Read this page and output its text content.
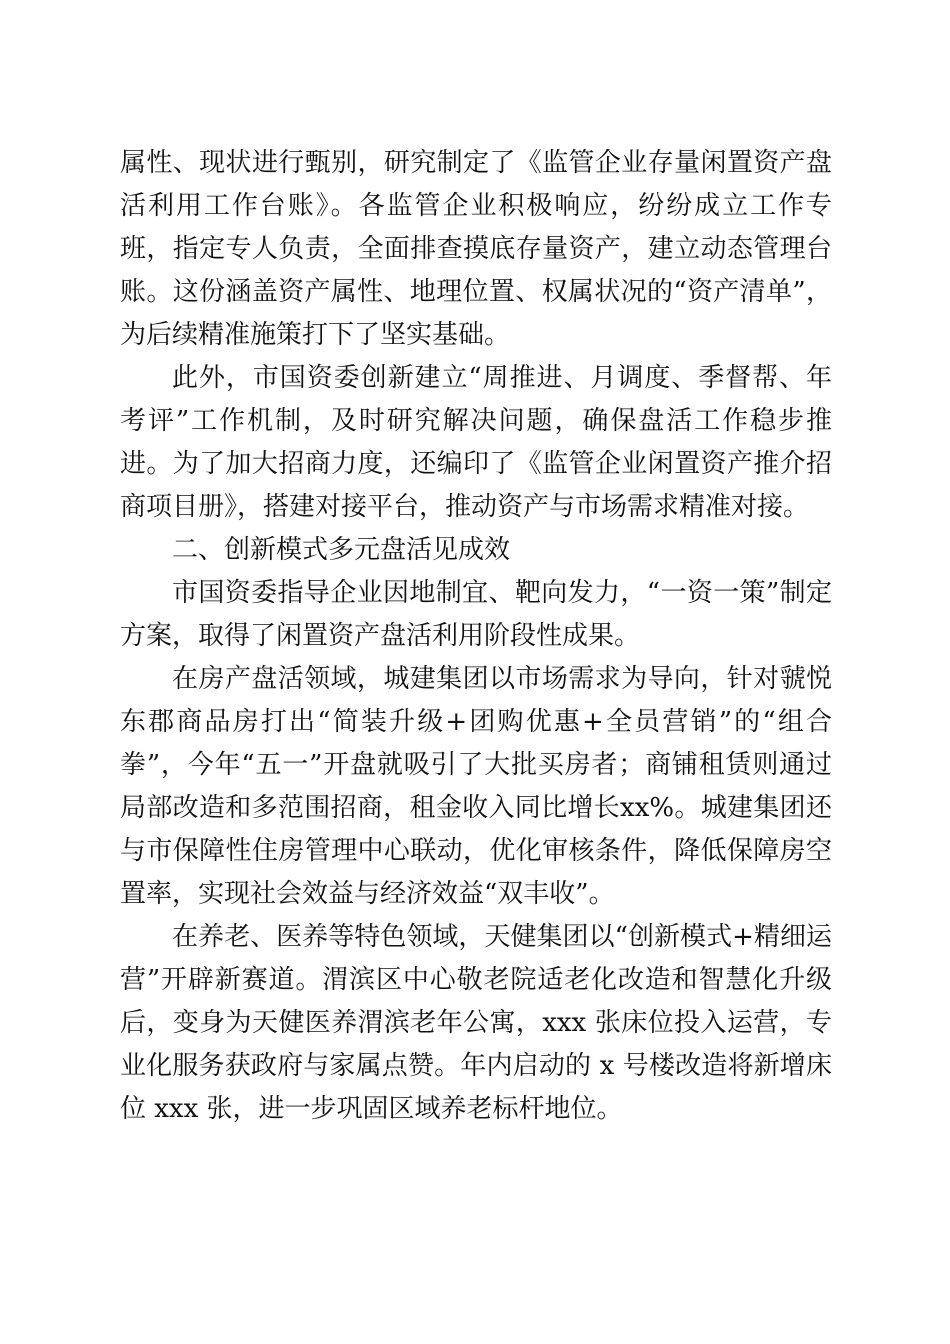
属性、现状进行甄别，研究制定了《监管企业存量闲置资产盘活利用工作台账》。各监管企业积极响应，纷纷成立工作专班，指定专人负责，全面排查摸底存量资产，建立动态管理台账。这份涵盖资产属性、地理位置、权属状况的“资产清单”，为后续精准施策打下了坚实基础。

此外，市国资委创新建立“周推进、月调度、季督帮、年考评”工作机制，及时研究解决问题，确保盘活工作稳步推进。为了加大招商力度，还编印了《监管企业闲置资产推介招商项目册》，搭建对接平台，推动资产与市场需求精准对接。

二、创新模式多元盘活见成效

市国资委指导企业因地制宜、靶向发力，“一资一策”制定方案，取得了闲置资产盘活利用阶段性成果。

在房产盘活领域，城建集团以市场需求为导向，针对虢悦东郡商品房打出“简装升级+团购优惠+全员营销”的“组合拳”，今年“五一”开盘就吸引了大批买房者；商铺租赁则通过局部改造和多范围招商，租金收入同比增长xx%。城建集团还与市保障性住房管理中心联动，优化审核条件，降低保障房空置率，实现社会效益与经济效益“双丰收”。

在养老、医养等特色领域，天健集团以“创新模式+精细运营”开辟新赛道。渭滨区中心敬老院适老化改造和智慧化升级后，变身为天健医养渭滨老年公寓，xxx 张床位投入运营，专业化服务获政府与家属点赞。年内启动的 x 号楼改造将新增床位 xxx 张，进一步巩固区域养老标杆地位。
